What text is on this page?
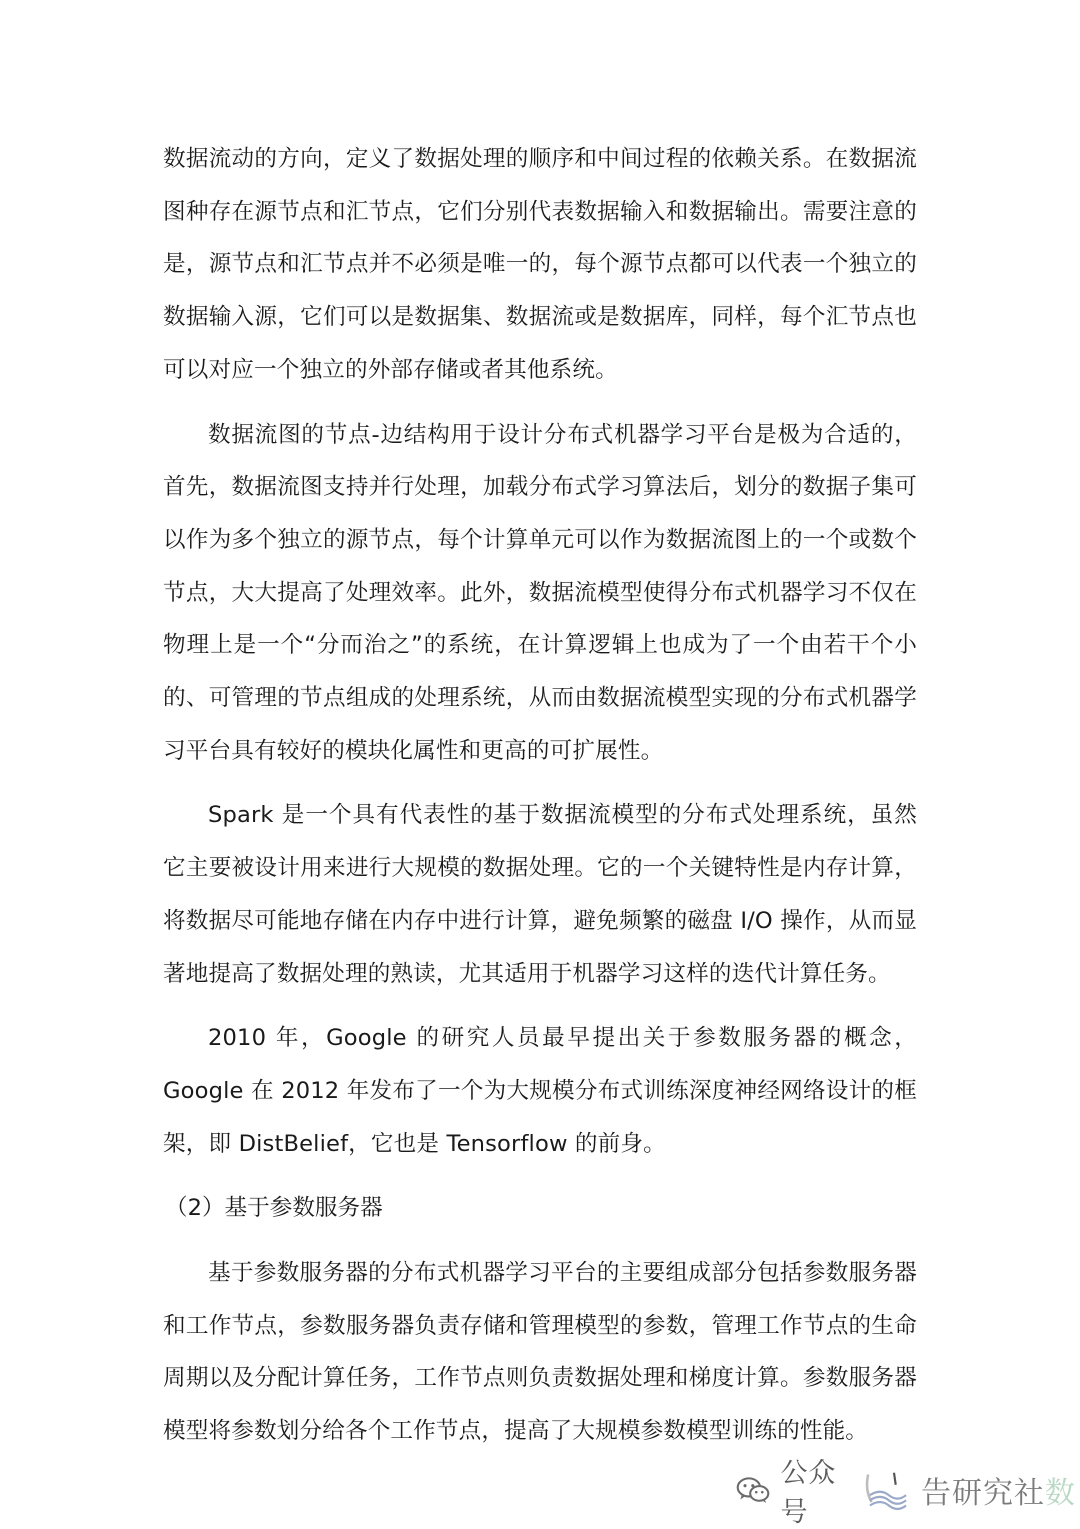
数据流动的方向，定义了数据处理的顺序和中间过程的依赖关系。在数据流图种存在源节点和汇节点，它们分别代表数据输入和数据输出。需要注意的是，源节点和汇节点并不必须是唯一的，每个源节点都可以代表一个独立的数据输入源，它们可以是数据集、数据流或是数据库，同样，每个汇节点也可以对应一个独立的外部存储或者其他系统。

数据流图的节点-边结构用于设计分布式机器学习平台是极为合适的，首先，数据流图支持并行处理，加载分布式学习算法后，划分的数据子集可以作为多个独立的源节点，每个计算单元可以作为数据流图上的一个或数个节点，大大提高了处理效率。此外，数据流模型使得分布式机器学习不仅在物理上是一个“分而治之”的系统，在计算逻辑上也成为了一个由若干个小的、可管理的节点组成的处理系统，从而由数据流模型实现的分布式机器学习平台具有较好的模块化属性和更高的可扩展性。

Spark 是一个具有代表性的基于数据流模型的分布式处理系统，虽然它主要被设计用来进行大规模的数据处理。它的一个关键特性是内存计算，将数据尽可能地存储在内存中进行计算，避免频繁的磁盘 I/O 操作，从而显著地提高了数据处理的熟读，尤其适用于机器学习这样的迭代计算任务。

2010 年，Google 的研究人员最早提出关于参数服务器的概念，Google 在 2012 年发布了一个为大规模分布式训练深度神经网络设计的框架，即 DistBelief，它也是 Tensorflow 的前身。

（2）基于参数服务器

基于参数服务器的分布式机器学习平台的主要组成部分包括参数服务器和工作节点，参数服务器负责存储和管理模型的参数，管理工作节点的生命周期以及分配计算任务，工作节点则负责数据处理和梯度计算。参数服务器模型将参数划分给各个工作节点，提高了大规模参数模型训练的性能。

公众号
告研究社数
